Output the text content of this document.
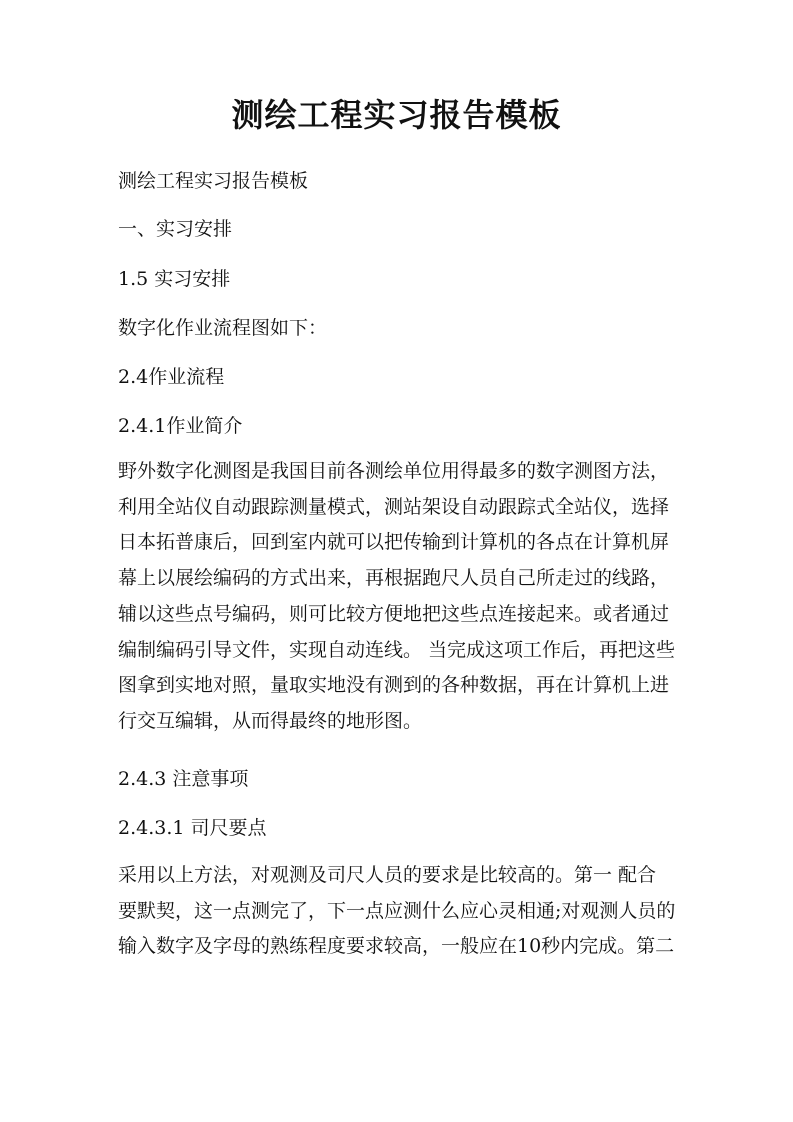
测绘工程实习报告模板

测绘工程实习报告模板

一、实习安排

1.5 实习安排

数字化作业流程图如下：

2.4作业流程

2.4.1作业简介

野外数字化测图是我国目前各测绘单位用得最多的数字测图方法，
利用全站仪自动跟踪测量模式，测站架设自动跟踪式全站仪，选择
日本拓普康后，回到室内就可以把传输到计算机的各点在计算机屏
幕上以展绘编码的方式出来，再根据跑尺人员自己所走过的线路，
辅以这些点号编码，则可比较方便地把这些点连接起来。或者通过
编制编码引导文件，实现自动连线。 当完成这项工作后，再把这些
图拿到实地对照，量取实地没有测到的各种数据，再在计算机上进
行交互编辑，从而得最终的地形图。

2.4.3 注意事项

2.4.3.1 司尺要点

采用以上方法，对观测及司尺人员的要求是比较高的。第一 配合
要默契，这一点测完了，下一点应测什么应心灵相通;对观测人员的
输入数字及字母的熟练程度要求较高，一般应在10秒内完成。第二
